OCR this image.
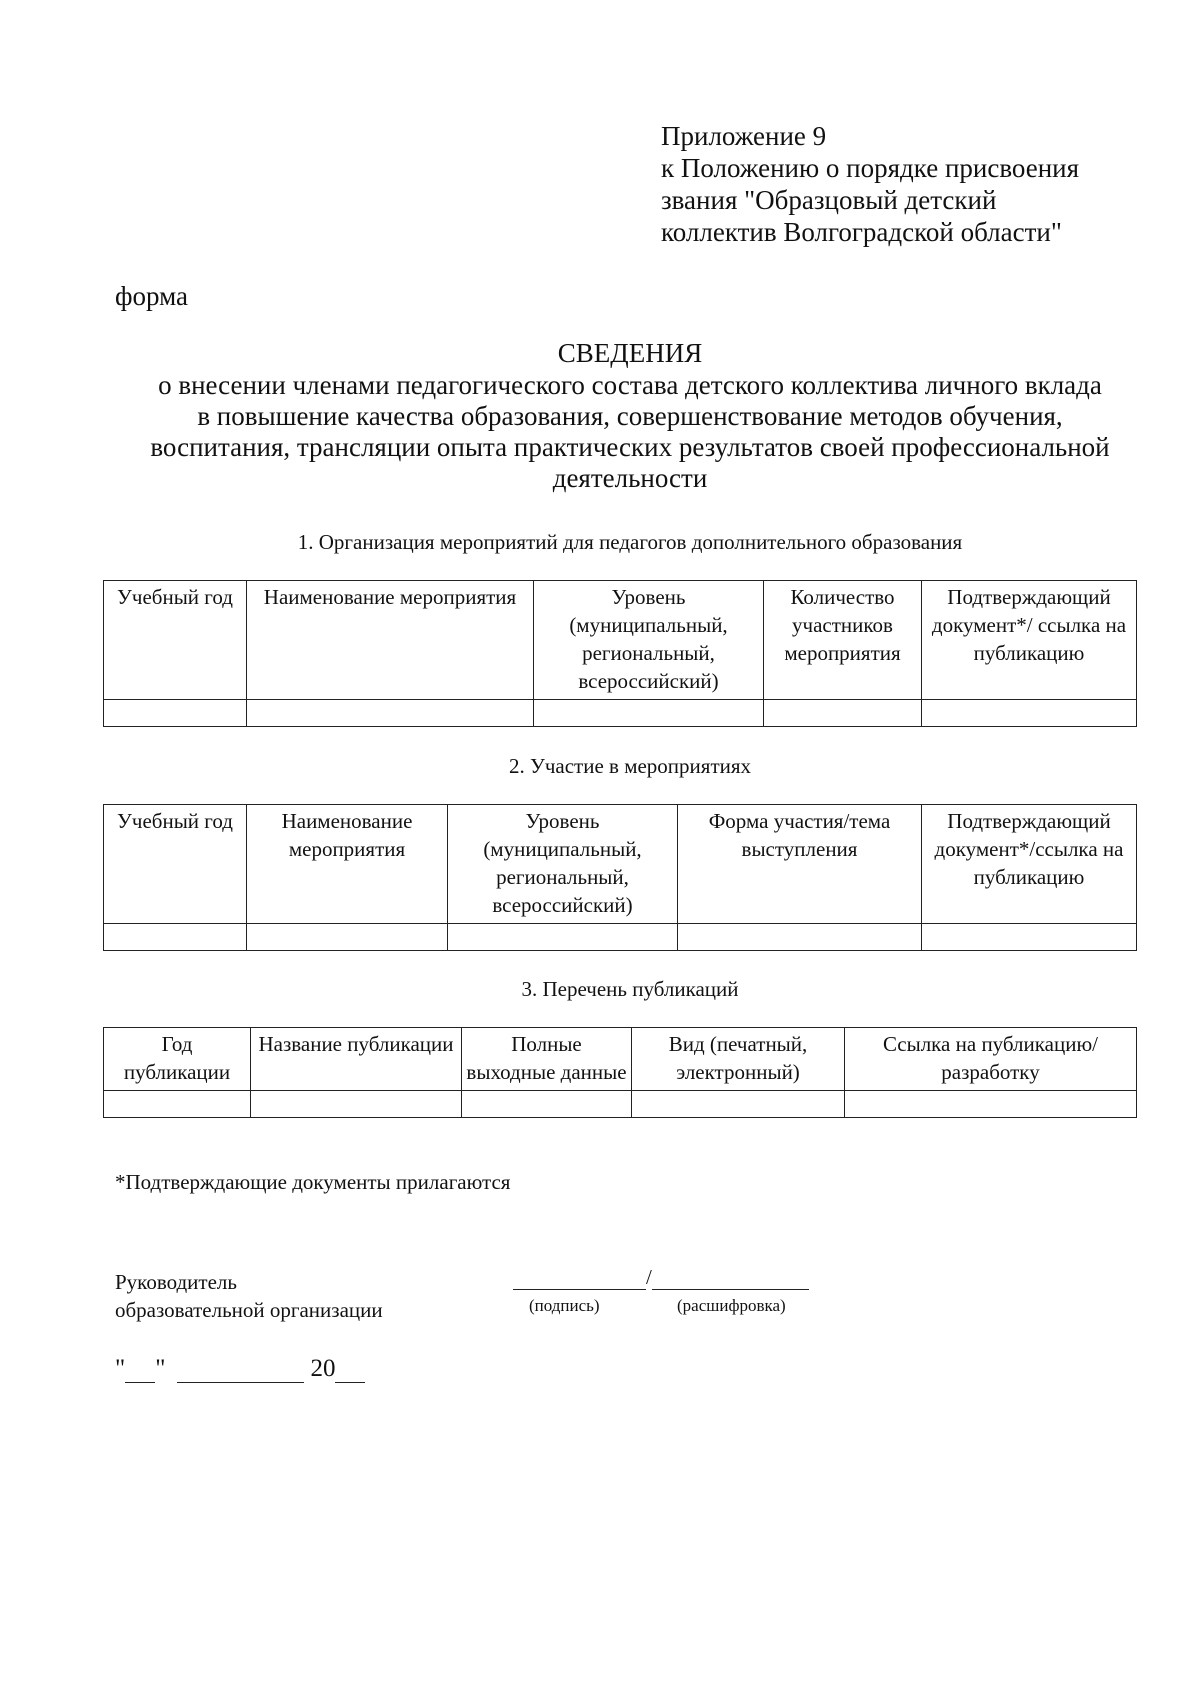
Приложение 9
к Положению о порядке присвоения
звания "Образцовый детский
коллектив Волгоградской области"
форма
СВЕДЕНИЯ
о внесении членами педагогического состава детского коллектива личного вклада
в повышение качества образования, совершенствование методов обучения,
воспитания, трансляции опыта практических результатов своей профессиональной
деятельности
1. Организация мероприятий для педагогов дополнительного образования
Учебный год	Наименование мероприятия	Уровень (муниципальный, региональный, всероссийский)	Количество участников мероприятия	Подтверждающий документ*/ ссылка на публикацию

2. Участие в мероприятиях
Учебный год	Наименование мероприятия	Уровень (муниципальный, региональный, всероссийский)	Форма участия/тема выступления	Подтверждающий документ*/ссылка на публикацию

3. Перечень публикаций
Год публикации	Название публикации	Полные выходные данные	Вид (печатный, электронный)	Ссылка на публикацию/разработку

*Подтверждающие документы прилагаются
Руководитель
образовательной организации
/
(подпись)	(расшифровка)
" "	20
